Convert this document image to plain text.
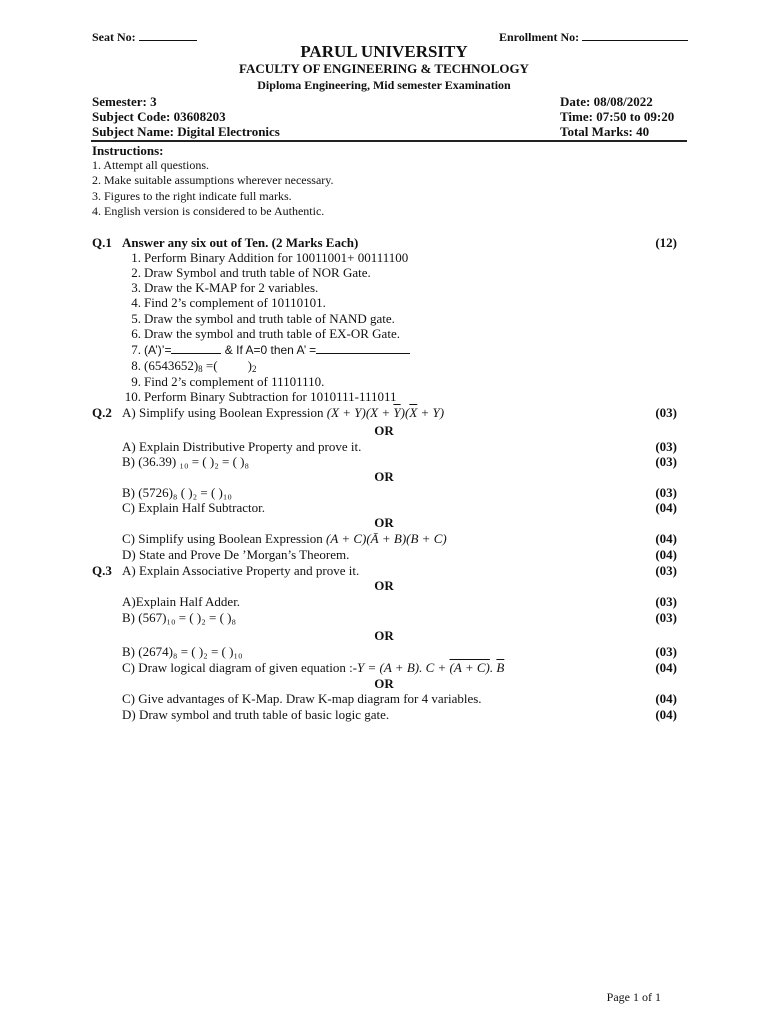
Seat No:	Enrollment No:
PARUL UNIVERSITY
FACULTY OF ENGINEERING & TECHNOLOGY
Diploma Engineering, Mid semester Examination
Semester: 3
Subject Code: 03608203
Subject Name: Digital Electronics
Date: 08/08/2022
Time: 07:50 to 09:20
Total Marks: 40
Instructions:
1. Attempt all questions.
2. Make suitable assumptions wherever necessary.
3. Figures to the right indicate full marks.
4. English version is considered to be Authentic.
Q.1 Answer any six out of Ten. (2 Marks Each)	(12)
1. Perform Binary Addition for 10011001+ 00111100
2. Draw Symbol and truth table of NOR Gate.
3. Draw the K-MAP for 2 variables.
4. Find 2’s complement of 10110101.
5. Draw the symbol and truth table of NAND gate.
6. Draw the symbol and truth table of EX-OR Gate.
7. (A’)’=	& If A=0 then A’ =
8. $(6543652)_8$ =( )$_2$
9. Find 2’s complement of 11101110.
10. Perform Binary Subtraction for 1010111-111011
Q.2 A) Simplify using Boolean Expression $(X + Y)(X + \overline{Y})(\overline{X} + Y)$	(03)
OR
A) Explain Distributive Property and prove it.	(03)
B) (36.39) ₁₀ = ( )₂ = ( )₈	(03)
OR
B) (5726)₈ ( )₂ = ( )₁₀	(03)
C) Explain Half Subtractor.	(04)
OR
C) Simplify using Boolean Expression (A + C)(Ā + B)(B + C)	(04)
D) State and Prove De ’Morgan’s Theorem.	(04)
Q.3 A) Explain Associative Property and prove it.	(03)
OR
A)Explain Half Adder.	(03)
B) (567)₁₀ = ( )₂ = ( )₈	(03)
OR
B) (2674)₈ = ( )₂ = ( )₁₀	(03)
C) Draw logical diagram of given equation :-Y = (A + B). C + (A + C). $\overline{B}$	(04)
OR
C) Give advantages of K-Map. Draw K-map diagram for 4 variables.	(04)
D) Draw symbol and truth table of basic logic gate.	(04)
Page 1 of 1
